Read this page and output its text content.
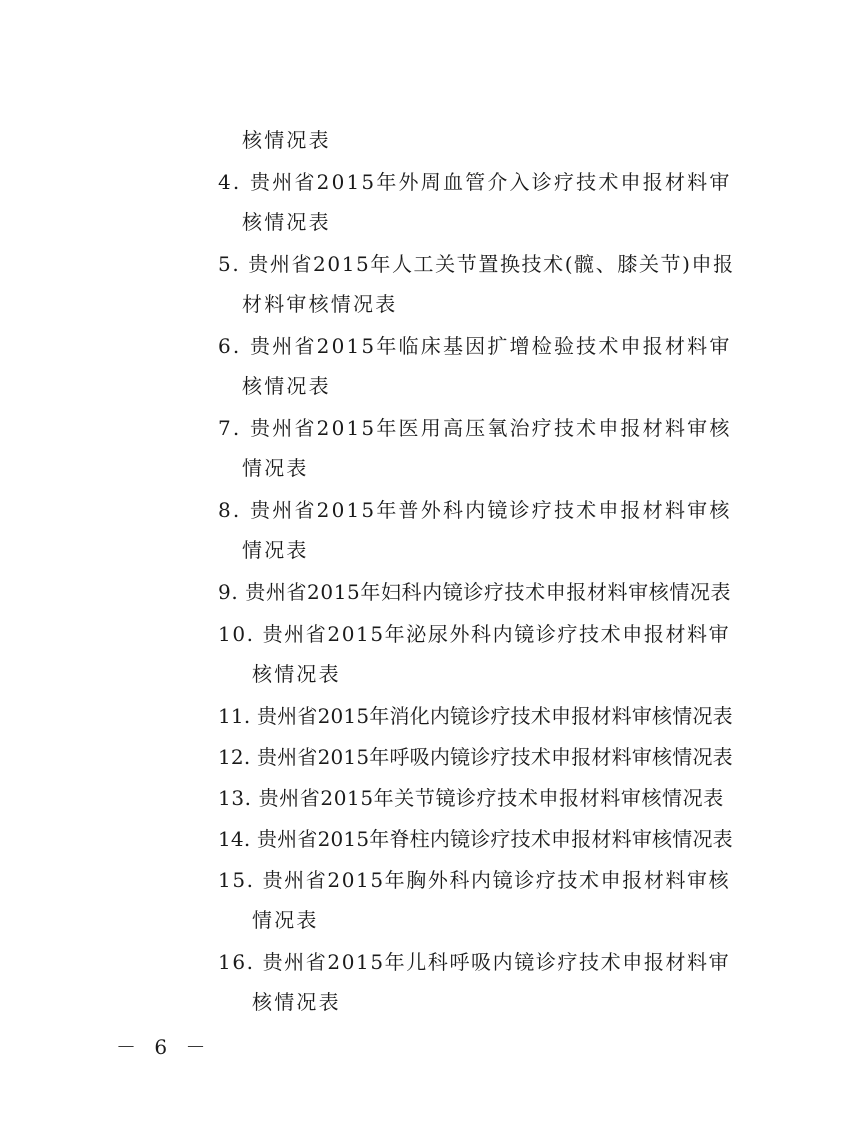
核情况表
4. 贵州省2015年外周血管介入诊疗技术申报材料审
核情况表
5. 贵州省2015年人工关节置换技术(髋、膝关节)申报
材料审核情况表
6. 贵州省2015年临床基因扩增检验技术申报材料审
核情况表
7. 贵州省2015年医用高压氧治疗技术申报材料审核
情况表
8. 贵州省2015年普外科内镜诊疗技术申报材料审核
情况表
9. 贵州省2015年妇科内镜诊疗技术申报材料审核情况表
10. 贵州省2015年泌尿外科内镜诊疗技术申报材料审
核情况表
11. 贵州省2015年消化内镜诊疗技术申报材料审核情况表
12. 贵州省2015年呼吸内镜诊疗技术申报材料审核情况表
13. 贵州省2015年关节镜诊疗技术申报材料审核情况表
14. 贵州省2015年脊柱内镜诊疗技术申报材料审核情况表
15. 贵州省2015年胸外科内镜诊疗技术申报材料审核
情况表
16. 贵州省2015年儿科呼吸内镜诊疗技术申报材料审
核情况表
－ 6 －
